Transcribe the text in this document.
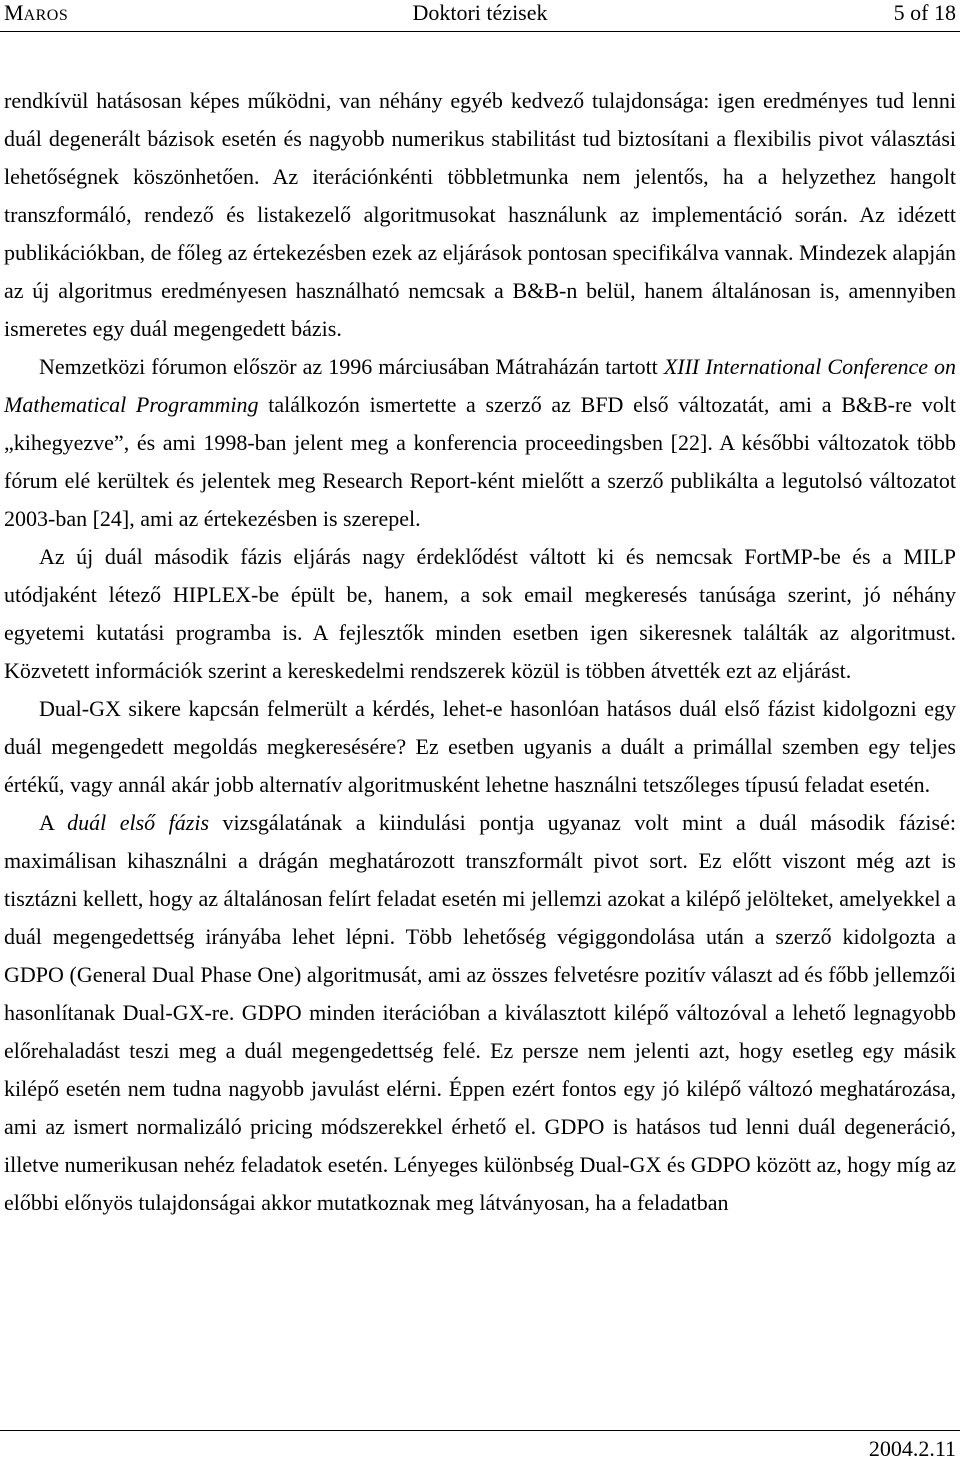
MAROS	Doktori tézisek	5 of 18

rendkívül hatásosan képes működni, van néhány egyéb kedvező tulajdonsága: igen eredményes tud lenni duál degenerált bázisok esetén és nagyobb numerikus stabilitást tud biztosítani a flexibilis pivot választási lehetőségnek köszönhetően. Az iterációnkénti többletmunka nem jelentős, ha a helyzethez hangolt transzformáló, rendező és listakezelő algoritmusokat használunk az implementáció során. Az idézett publikációkban, de főleg az értekezésben ezek az eljárások pontosan specifikálva vannak. Mindezek alapján az új algoritmus eredményesen használható nemcsak a B&B-n belül, hanem általánosan is, amennyiben ismeretes egy duál megengedett bázis.

Nemzetközi fórumon először az 1996 márciusában Mátraházán tartott XIII International Conference on Mathematical Programming találkozón ismertette a szerző az BFD első változatát, ami a B&B-re volt „kihegyezve”, és ami 1998-ban jelent meg a konferencia proceedingsben [22]. A későbbi változatok több fórum elé kerültek és jelentek meg Research Report-ként mielőtt a szerző publikálta a legutolsó változatot 2003-ban [24], ami az értekezésben is szerepel.

Az új duál második fázis eljárás nagy érdeklődést váltott ki és nemcsak FortMP-be és a MILP utódjaként létező HIPLEX-be épült be, hanem, a sok email megkeresés tanúsága szerint, jó néhány egyetemi kutatási programba is. A fejlesztők minden esetben igen sikeresnek találták az algoritmust. Közvetett információk szerint a kereskedelmi rendszerek közül is többen átvették ezt az eljárást.

Dual-GX sikere kapcsán felmerült a kérdés, lehet-e hasonlóan hatásos duál első fázist kidolgozni egy duál megengedett megoldás megkeresésére? Ez esetben ugyanis a duált a primállal szemben egy teljes értékű, vagy annál akár jobb alternatív algoritmusként lehetne használni tetszőleges típusú feladat esetén.

A duál első fázis vizsgálatának a kiindulási pontja ugyanaz volt mint a duál második fázisé: maximálisan kihasználni a drágán meghatározott transzformált pivot sort. Ez előtt viszont még azt is tisztázni kellett, hogy az általánosan felírt feladat esetén mi jellemzi azokat a kilépő jelölteket, amelyekkel a duál megengedettség irányába lehet lépni. Több lehetőség végiggondolása után a szerző kidolgozta a GDPO (General Dual Phase One) algoritmusát, ami az összes felvetésre pozitív választ ad és főbb jellemzői hasonlítanak Dual-GX-re. GDPO minden iterációban a kiválasztott kilépő változóval a lehető legnagyobb előrehaladást teszi meg a duál megengedettség felé. Ez persze nem jelenti azt, hogy esetleg egy másik kilépő esetén nem tudna nagyobb javulást elérni. Éppen ezért fontos egy jó kilépő változó meghatározása, ami az ismert normalizáló pricing módszerekkel érhető el. GDPO is hatásos tud lenni duál degeneráció, illetve numerikusan nehéz feladatok esetén. Lényeges különbség Dual-GX és GDPO között az, hogy míg az előbbi előnyös tulajdonságai akkor mutatkoznak meg látványosan, ha a feladatban

2004.2.11
